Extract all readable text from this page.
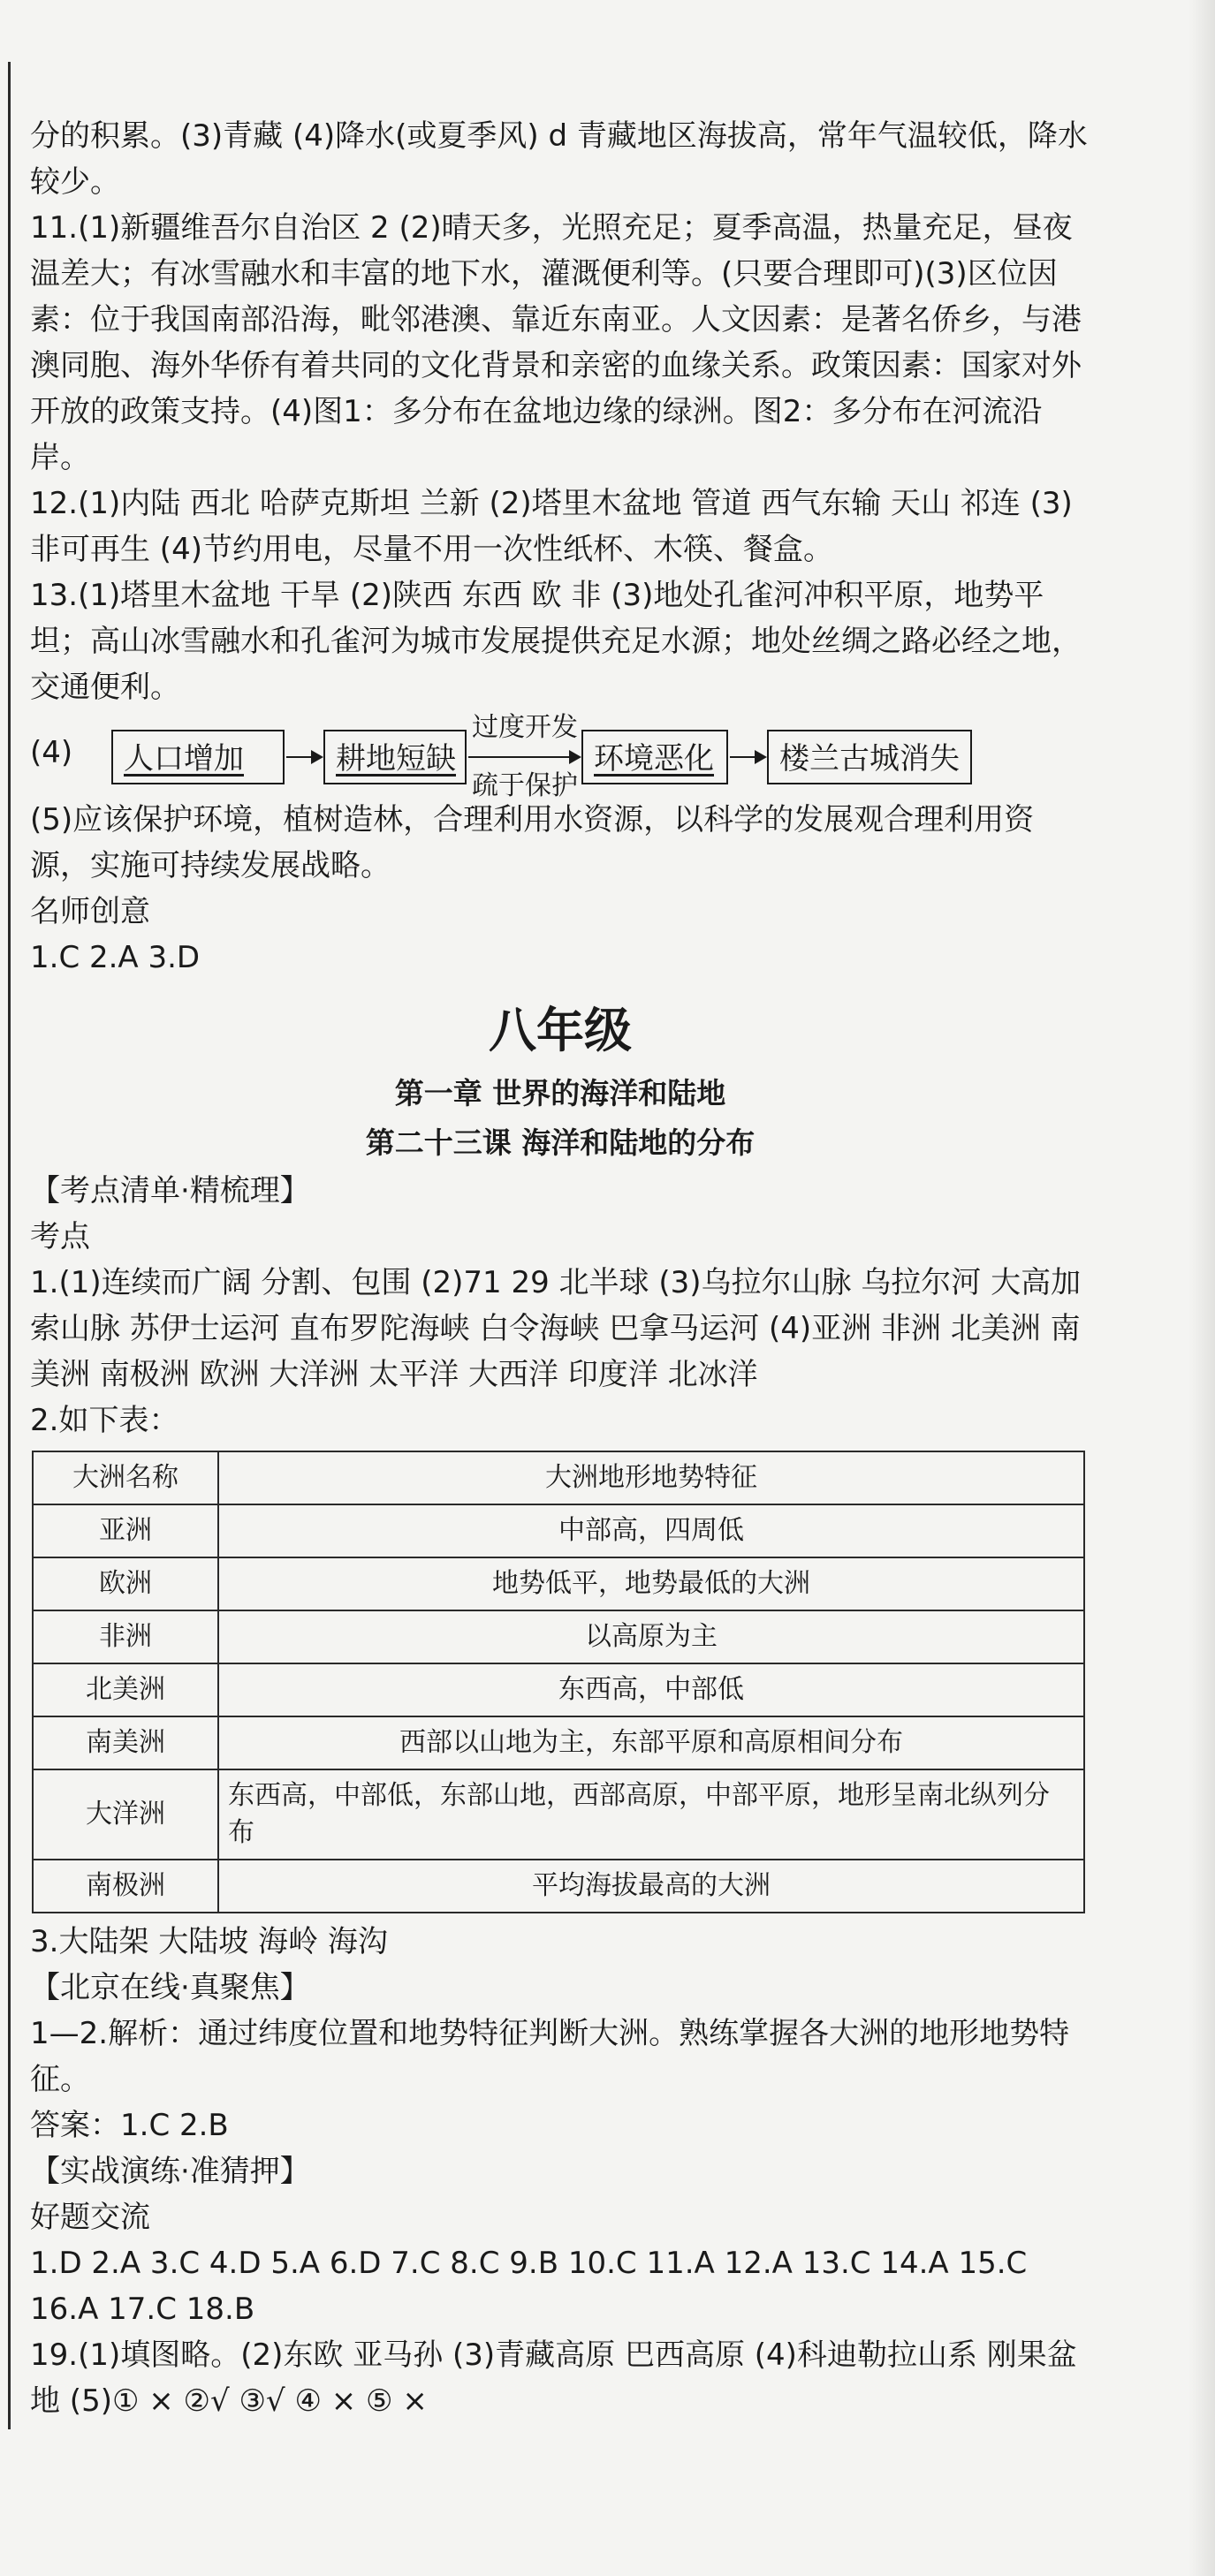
分的积累。(3)青藏 (4)降水(或夏季风) d 青藏地区海拔高，常年气温较低，降水较少。

11.(1)新疆维吾尔自治区 2 (2)晴天多，光照充足；夏季高温，热量充足，昼夜温差大；有冰雪融水和丰富的地下水，灌溉便利等。(只要合理即可)(3)区位因素：位于我国南部沿海，毗邻港澳、靠近东南亚。人文因素：是著名侨乡，与港澳同胞、海外华侨有着共同的文化背景和亲密的血缘关系。政策因素：国家对外开放的政策支持。(4)图1：多分布在盆地边缘的绿洲。图2：多分布在河流沿岸。

12.(1)内陆 西北 哈萨克斯坦 兰新 (2)塔里木盆地 管道 西气东输 天山 祁连 (3)非可再生 (4)节约用电，尽量不用一次性纸杯、木筷、餐盒。

13.(1)塔里木盆地 干旱 (2)陕西 东西 欧 非 (3)地处孔雀河冲积平原，地势平坦；高山冰雪融水和孔雀河为城市发展提供充足水源；地处丝绸之路必经之地，交通便利。

(4)	人口增加	耕地短缺
过度开发
疏于保护
环境恶化	楼兰古城消失

(5)应该保护环境，植树造林，合理利用水资源，以科学的发展观合理利用资源，实施可持续发展战略。

名师创意

1.C 2.A 3.D

八年级
第一章 世界的海洋和陆地
第二十三课 海洋和陆地的分布

【考点清单·精梳理】

考点

1.(1)连续而广阔 分割、包围 (2)71 29 北半球 (3)乌拉尔山脉 乌拉尔河 大高加索山脉 苏伊士运河 直布罗陀海峡 白令海峡 巴拿马运河 (4)亚洲 非洲 北美洲 南美洲 南极洲 欧洲 大洋洲 太平洋 大西洋 印度洋 北冰洋

2.如下表：

大洲名称	大洲地形地势特征
亚洲	中部高，四周低
欧洲	地势低平，地势最低的大洲
非洲	以高原为主
北美洲	东西高，中部低
南美洲	西部以山地为主，东部平原和高原相间分布
大洋洲	东西高，中部低，东部山地，西部高原，中部平原，地形呈南北纵列分布
南极洲	平均海拔最高的大洲

3.大陆架 大陆坡 海岭 海沟

【北京在线·真聚焦】

1—2.解析：通过纬度位置和地势特征判断大洲。熟练掌握各大洲的地形地势特征。

答案：1.C 2.B

【实战演练·准猜押】

好题交流

1.D 2.A 3.C 4.D 5.A 6.D 7.C 8.C 9.B 10.C 11.A 12.A 13.C 14.A 15.C 16.A 17.C 18.B

19.(1)填图略。(2)东欧 亚马孙 (3)青藏高原 巴西高原 (4)科迪勒拉山系 刚果盆地 (5)① × ②√ ③√ ④ × ⑤ ×
